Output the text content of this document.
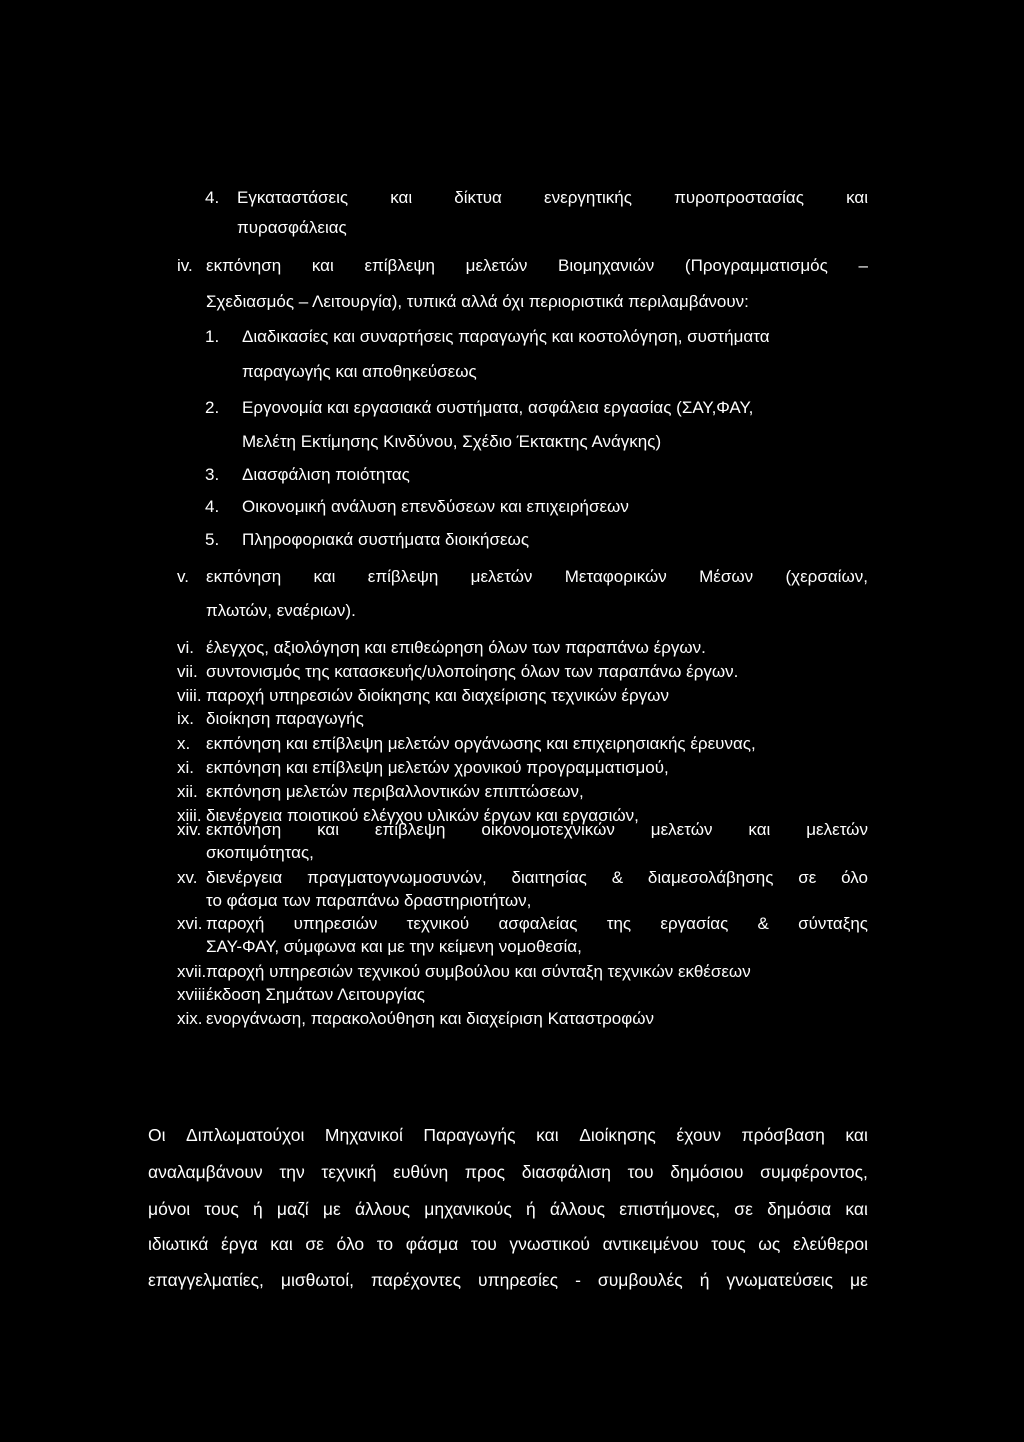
4. Εγκαταστάσεις και δίκτυα ενεργητικής πυροπροστασίας και
πυρασφάλειας
iv. εκπόνηση και επίβλεψη μελετών Βιομηχανιών (Προγραμματισμός –
Σχεδιασμός – Λειτουργία), τυπικά αλλά όχι περιοριστικά περιλαμβάνουν:
1. Διαδικασίες και συναρτήσεις παραγωγής και κοστολόγηση, συστήματα
παραγωγής και αποθηκεύσεως
2. Εργονομία και εργασιακά συστήματα, ασφάλεια εργασίας (ΣΑΥ,ΦΑΥ,
Μελέτη Εκτίμησης Κινδύνου, Σχέδιο Έκτακτης Ανάγκης)
3. Διασφάλιση ποιότητας
4. Οικονομική ανάλυση επενδύσεων και επιχειρήσεων
5. Πληροφοριακά συστήματα διοικήσεως
v. εκπόνηση και επίβλεψη μελετών Μεταφορικών Μέσων (χερσαίων,
πλωτών, εναέριων).
vi. έλεγχος, αξιολόγηση και επιθεώρηση όλων των παραπάνω έργων.
vii. συντονισμός της κατασκευής/υλοποίησης όλων των παραπάνω έργων.
viii. παροχή υπηρεσιών διοίκησης και διαχείρισης τεχνικών έργων
ix. διοίκηση παραγωγής
x. εκπόνηση και επίβλεψη μελετών οργάνωσης και επιχειρησιακής έρευνας,
xi. εκπόνηση και επίβλεψη μελετών χρονικού προγραμματισμού,
xii. εκπόνηση μελετών περιβαλλοντικών επιπτώσεων,
xiii. διενέργεια ποιοτικού ελέγχου υλικών έργων και εργασιών,
xiv. εκπόνηση και επίβλεψη οικονομοτεχνικών μελετών και μελετών
σκοπιμότητας,
xv. διενέργεια πραγματογνωμοσυνών, διαιτησίας & διαμεσολάβησης σε όλο
το φάσμα των παραπάνω δραστηριοτήτων,
xvi. παροχή υπηρεσιών τεχνικού ασφαλείας της εργασίας & σύνταξης
ΣΑΥ-ΦΑΥ, σύμφωνα και με την κείμενη νομοθεσία,
xvii. παροχή υπηρεσιών τεχνικού συμβούλου και σύνταξη τεχνικών εκθέσεων
xviii.
έκδοση Σημάτων Λειτουργίας
xix. ενοργάνωση, παρακολούθηση και διαχείριση Καταστροφών
Οι Διπλωματούχοι Μηχανικοί Παραγωγής και Διοίκησης έχουν πρόσβαση και
αναλαμβάνουν την τεχνική ευθύνη προς διασφάλιση του δημόσιου συμφέροντος,
μόνοι τους ή μαζί με άλλους μηχανικούς ή άλλους επιστήμονες, σε δημόσια και
ιδιωτικά έργα και σε όλο το φάσμα του γνωστικού αντικειμένου τους ως ελεύθεροι
επαγγελματίες, μισθωτοί, παρέχοντες υπηρεσίες - συμβουλές ή γνωματεύσεις με
